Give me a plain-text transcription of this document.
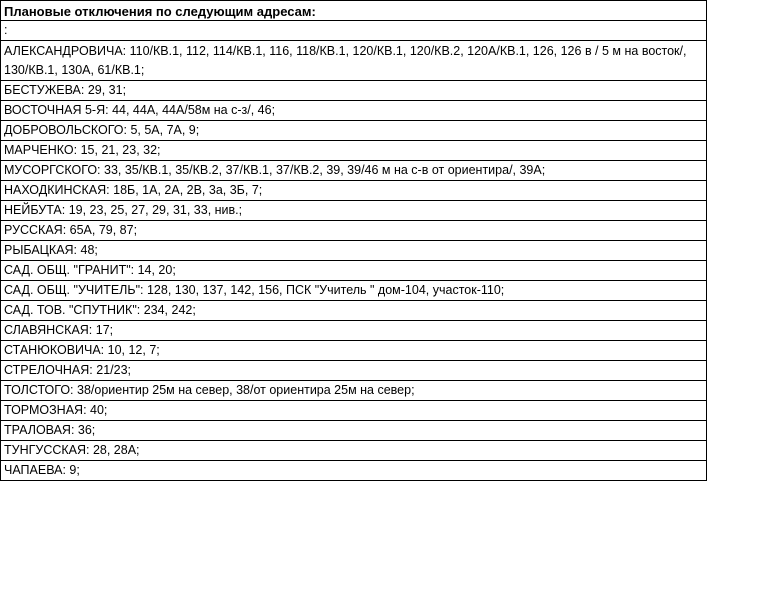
Плановые отключения по следующим адресам:
:
АЛЕКСАНДРОВИЧА: 110/КВ.1, 112, 114/КВ.1, 116, 118/КВ.1, 120/КВ.1, 120/КВ.2, 120А/КВ.1, 126, 126 в / 5 м на восток/, 130/КВ.1, 130А, 61/КВ.1;
БЕСТУЖЕВА: 29, 31;
ВОСТОЧНАЯ 5-Я: 44, 44А, 44А/58м на с-з/, 46;
ДОБРОВОЛЬСКОГО: 5, 5А, 7А, 9;
МАРЧЕНКО: 15, 21, 23, 32;
МУСОРГСКОГО: 33, 35/КВ.1, 35/КВ.2, 37/КВ.1, 37/КВ.2, 39, 39/46 м на с-в от ориентира/, 39А;
НАХОДКИНСКАЯ: 18Б, 1А, 2А, 2В, 3а, 3Б, 7;
НЕЙБУТА: 19, 23, 25, 27, 29, 31, 33, нив.;
РУССКАЯ: 65А, 79, 87;
РЫБАЦКАЯ: 48;
САД. ОБЩ. "ГРАНИТ": 14, 20;
САД. ОБЩ. "УЧИТЕЛЬ": 128, 130, 137, 142, 156, ПСК "Учитель " дом-104, участок-110;
САД. ТОВ. "СПУТНИК": 234, 242;
СЛАВЯНСКАЯ: 17;
СТАНЮКОВИЧА: 10, 12, 7;
СТРЕЛОЧНАЯ: 21/23;
ТОЛСТОГО: 38/ориентир 25м на север, 38/от ориентира 25м на север;
ТОРМОЗНАЯ: 40;
ТРАЛОВАЯ: 36;
ТУНГУССКАЯ: 28, 28А;
ЧАПАЕВА: 9;
